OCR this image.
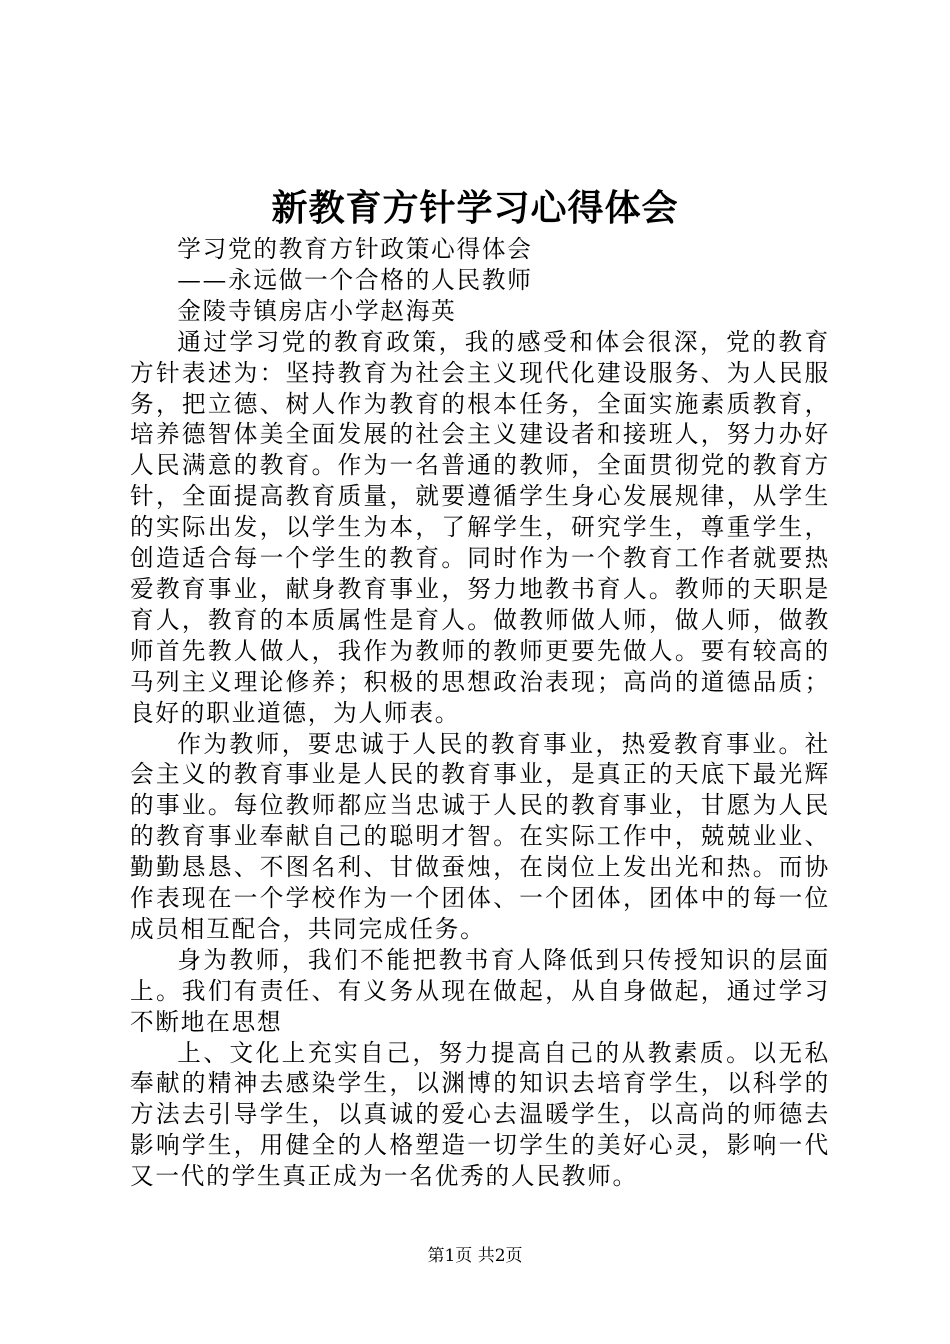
新教育方针学习心得体会

学习党的教育方针政策心得体会

——永远做一个合格的人民教师

金陵寺镇房店小学赵海英

通过学习党的教育政策，我的感受和体会很深，党的教育方针表述为：坚持教育为社会主义现代化建设服务、为人民服务，把立德、树人作为教育的根本任务，全面实施素质教育，培养德智体美全面发展的社会主义建设者和接班人，努力办好人民满意的教育。作为一名普通的教师，全面贯彻党的教育方针，全面提高教育质量，就要遵循学生身心发展规律，从学生的实际出发，以学生为本，了解学生，研究学生，尊重学生，创造适合每一个学生的教育。同时作为一个教育工作者就要热爱教育事业，献身教育事业，努力地教书育人。教师的天职是育人，教育的本质属性是育人。做教师做人师，做人师，做教师首先教人做人，我作为教师的教师更要先做人。要有较高的马列主义理论修养；积极的思想政治表现；高尚的道德品质；良好的职业道德，为人师表。

作为教师，要忠诚于人民的教育事业，热爱教育事业。社会主义的教育事业是人民的教育事业，是真正的天底下最光辉的事业。每位教师都应当忠诚于人民的教育事业，甘愿为人民的教育事业奉献自己的聪明才智。在实际工作中，兢兢业业、勤勤恳恳、不图名利、甘做蚕烛，在岗位上发出光和热。而协作表现在一个学校作为一个团体、一个团体，团体中的每一位成员相互配合，共同完成任务。

身为教师，我们不能把教书育人降低到只传授知识的层面上。我们有责任、有义务从现在做起，从自身做起，通过学习不断地在思想

上、文化上充实自己，努力提高自己的从教素质。以无私奉献的精神去感染学生，以渊博的知识去培育学生，以科学的方法去引导学生，以真诚的爱心去温暖学生，以高尚的师德去影响学生，用健全的人格塑造一切学生的美好心灵，影响一代又一代的学生真正成为一名优秀的人民教师。

第1页 共2页
